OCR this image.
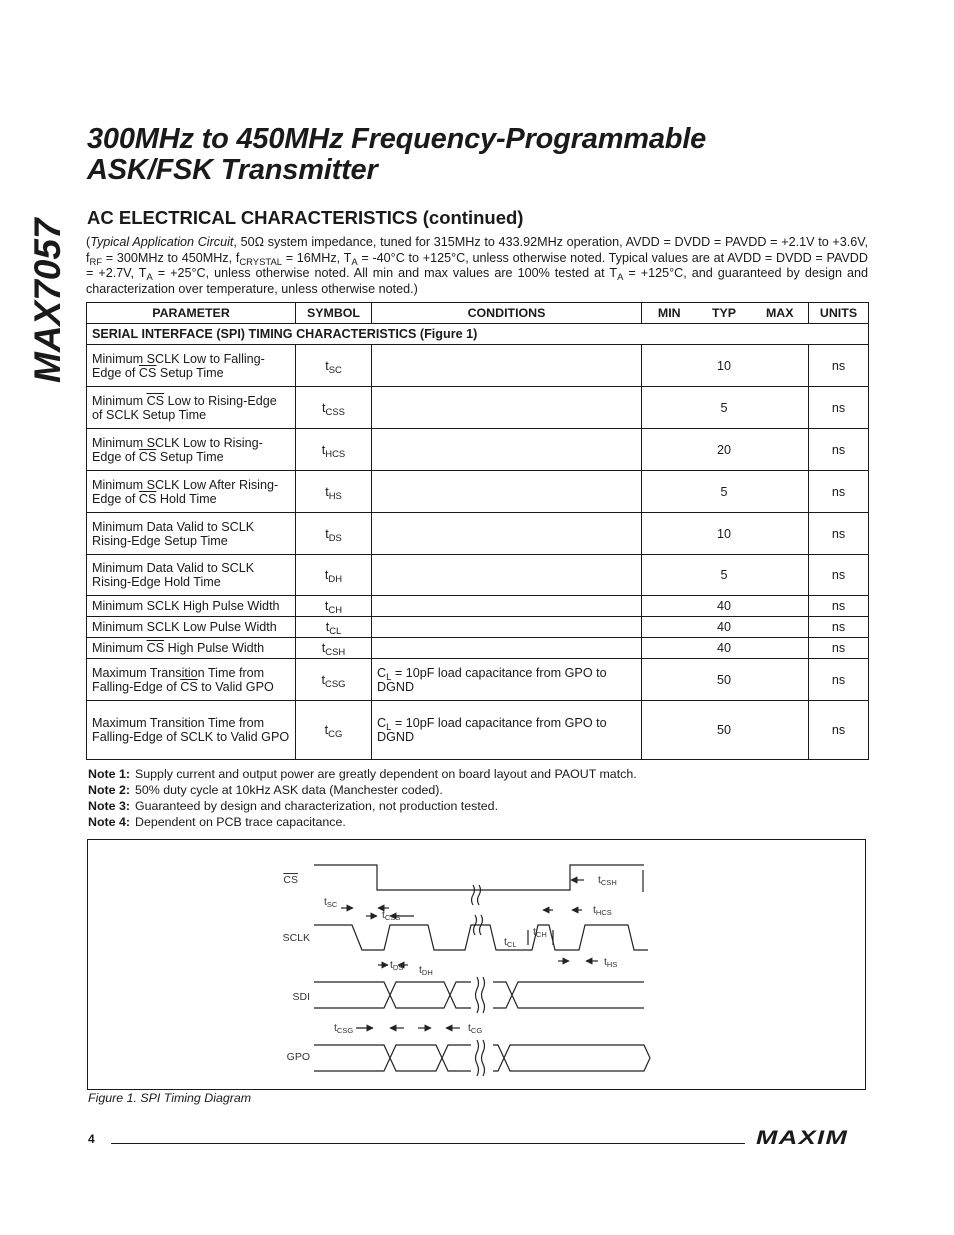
MAX7057
300MHz to 450MHz Frequency-Programmable
ASK/FSK Transmitter
AC ELECTRICAL CHARACTERISTICS (continued)
(Typical Application Circuit, 50Ω system impedance, tuned for 315MHz to 433.92MHz operation, AVDD = DVDD = PAVDD = +2.1V to +3.6V, $f_{RF} = 300MHz$ to 450MHz, $f_{CRYSTAL} = 16MHz$, $T_A = -40^\circ C$ to +125°C, unless otherwise noted. Typical values are at AVDD = DVDD = PAVDD = +2.7V, $T_A = +25^\circ C$, unless otherwise noted. All min and max values are 100% tested at $T_A = +125^\circ C$, and guaranteed by design and characterization over temperature, unless otherwise noted.)
PARAMETER	SYMBOL	CONDITIONS	MIN	TYP	MAX	UNITS
SERIAL INTERFACE (SPI) TIMING CHARACTERISTICS (Figure 1)						
Minimum SCLK Low to Falling-Edge of $\overline{CS}$ Setup Time	$t_{SC}$			10		ns
Minimum $\overline{CS}$ Low to Rising-Edge of SCLK Setup Time	$t_{CSS}$			5		ns
Minimum SCLK Low to Rising-Edge of $\overline{CS}$ Setup Time	$t_{HCS}$			20		ns
Minimum SCLK Low After Rising-Edge of $\overline{CS}$ Hold Time	$t_{HS}$			5		ns
Minimum Data Valid to SCLK Rising-Edge Setup Time	$t_{DS}$			10		ns
Minimum Data Valid to SCLK Rising-Edge Hold Time	$t_{DH}$			5		ns
Minimum SCLK High Pulse Width	$t_{CH}$			40		ns
Minimum SCLK Low Pulse Width	$t_{CL}$			40		ns
Minimum $\overline{CS}$ High Pulse Width	$t_{CSH}$			40		ns
Maximum Transition Time from Falling-Edge of $\overline{CS}$ to Valid GPO	$t_{CSG}$	$C_L = 10pF$ load capacitance from GPO to DGND		50		ns
Maximum Transition Time from Falling-Edge of SCLK to Valid GPO	$t_{CG}$	$C_L = 10pF$ load capacitance from GPO to DGND		50		ns
Note 1: Supply current and output power are greatly dependent on board layout and PAOUT match.
Note 2: 50% duty cycle at 10kHz ASK data (Manchester coded).
Note 3: Guaranteed by design and characterization, not production tested.
Note 4: Dependent on PCB trace capacitance.
CS
SCLK
SDI
GPO
tSC
tCSS
tCSH
tHCS
tCH
tCL
tDS tDH
tHS
tCSG	tCG
Figure 1. SPI Timing Diagram
4	MAXIM
